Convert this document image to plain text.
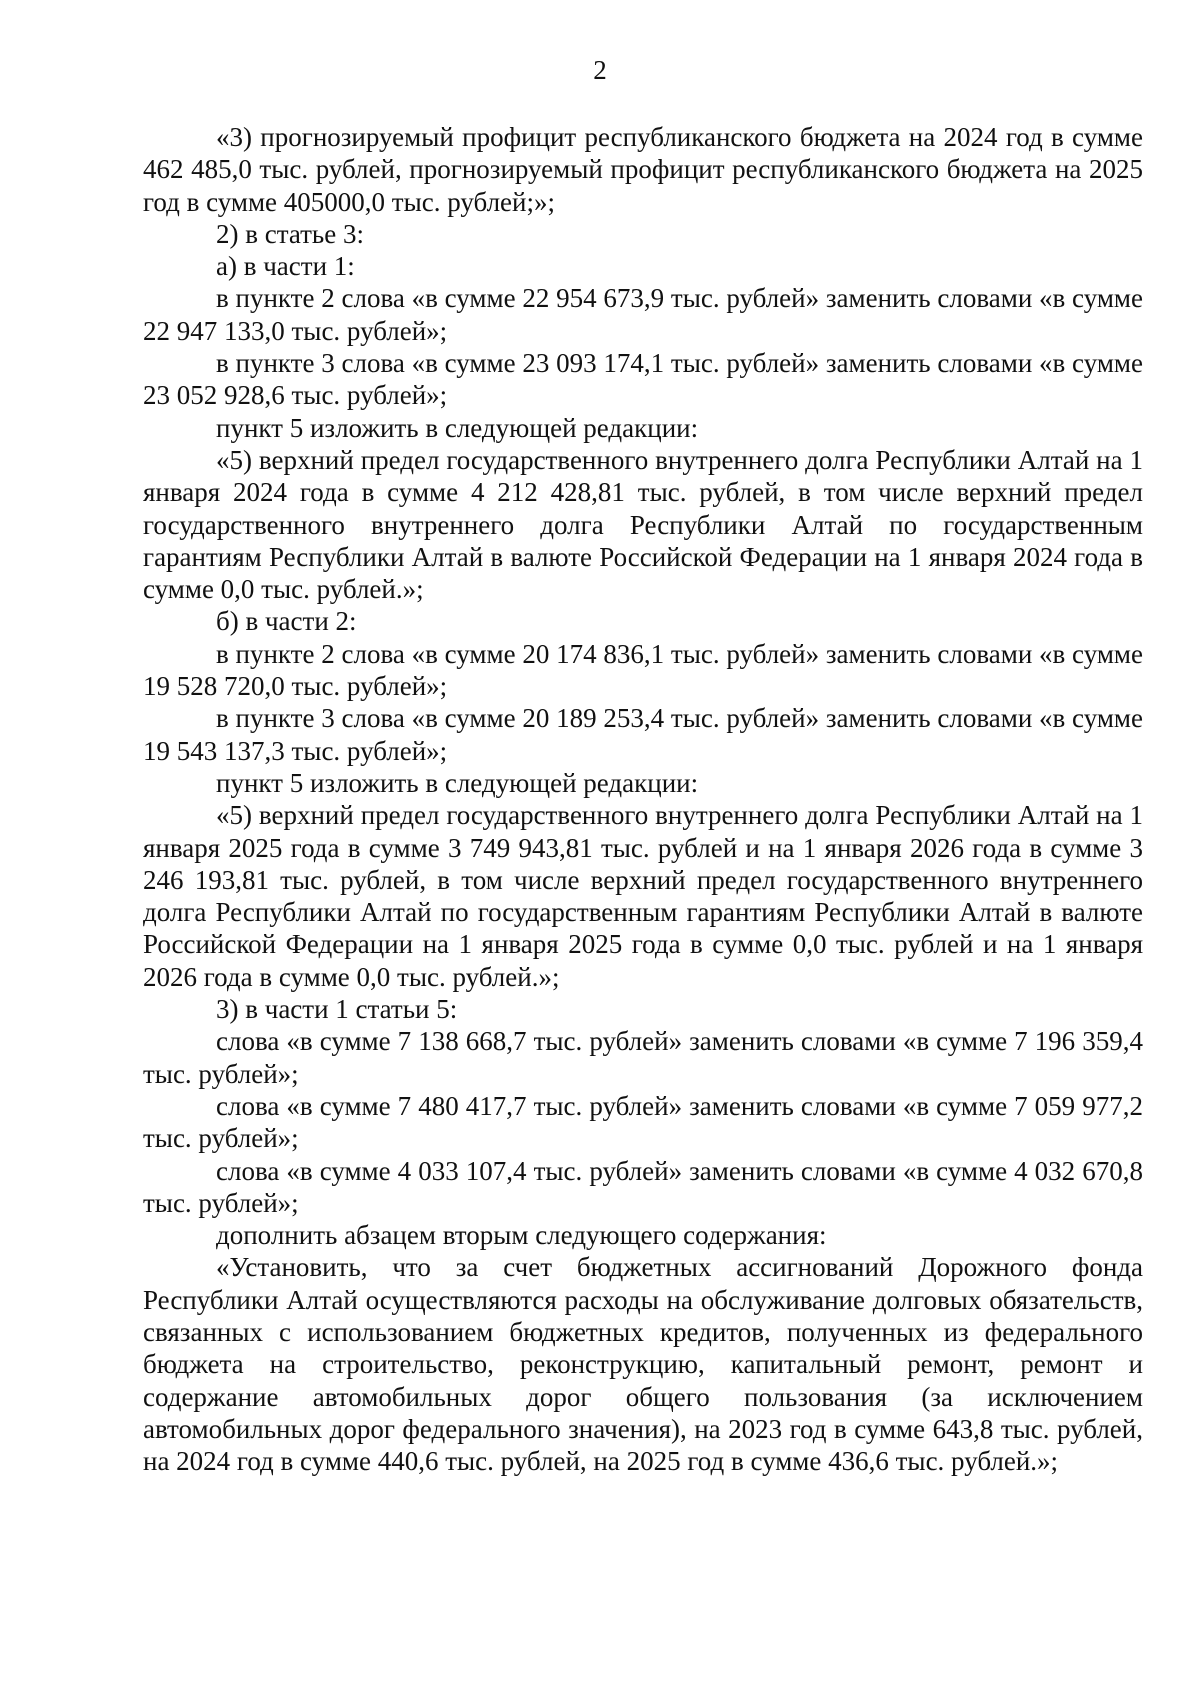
2

«3) прогнозируемый профицит республиканского бюджета на 2024 год в сумме 462 485,0 тыс. рублей, прогнозируемый профицит республиканского бюджета на 2025 год в сумме 405000,0 тыс. рублей;»;

2) в статье 3:

а) в части 1:

в пункте 2 слова «в сумме 22 954 673,9 тыс. рублей» заменить словами «в сумме 22 947 133,0 тыс. рублей»;

в пункте 3 слова «в сумме 23 093 174,1 тыс. рублей» заменить словами «в сумме 23 052 928,6 тыс. рублей»;

пункт 5 изложить в следующей редакции:

«5) верхний предел государственного внутреннего долга Республики Алтай на 1 января 2024 года в сумме 4 212 428,81 тыс. рублей, в том числе верхний предел государственного внутреннего долга Республики Алтай по государственным гарантиям Республики Алтай в валюте Российской Федерации на 1 января 2024 года в сумме 0,0 тыс. рублей.»;

б) в части 2:

в пункте 2 слова «в сумме 20 174 836,1 тыс. рублей» заменить словами «в сумме 19 528 720,0 тыс. рублей»;

в пункте 3 слова «в сумме 20 189 253,4 тыс. рублей» заменить словами «в сумме 19 543 137,3 тыс. рублей»;

пункт 5 изложить в следующей редакции:

«5) верхний предел государственного внутреннего долга Республики Алтай на 1 января 2025 года в сумме 3 749 943,81 тыс. рублей и на 1 января 2026 года в сумме 3 246 193,81 тыс. рублей, в том числе верхний предел государственного внутреннего долга Республики Алтай по государственным гарантиям Республики Алтай в валюте Российской Федерации на 1 января 2025 года в сумме 0,0 тыс. рублей и на 1 января 2026 года в сумме 0,0 тыс. рублей.»;

3) в части 1 статьи 5:

слова «в сумме 7 138 668,7 тыс. рублей» заменить словами «в сумме 7 196 359,4 тыс. рублей»;

слова «в сумме 7 480 417,7 тыс. рублей» заменить словами «в сумме 7 059 977,2 тыс. рублей»;

слова «в сумме 4 033 107,4 тыс. рублей» заменить словами «в сумме 4 032 670,8 тыс. рублей»;

дополнить абзацем вторым следующего содержания:

«Установить, что за счет бюджетных ассигнований Дорожного фонда Республики Алтай осуществляются расходы на обслуживание долговых обязательств, связанных с использованием бюджетных кредитов, полученных из федерального бюджета на строительство, реконструкцию, капитальный ремонт, ремонт и содержание автомобильных дорог общего пользования (за исключением автомобильных дорог федерального значения), на 2023 год в сумме 643,8 тыс. рублей, на 2024 год в сумме 440,6 тыс. рублей, на 2025 год в сумме 436,6 тыс. рублей.»;
